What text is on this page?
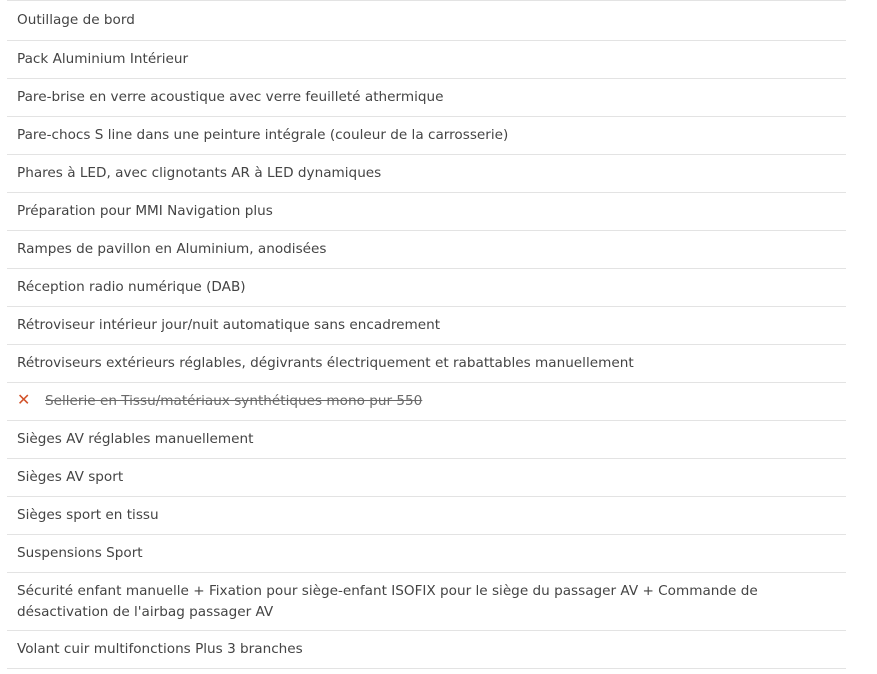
Outillage de bord
Pack Aluminium Intérieur
Pare-brise en verre acoustique avec verre feuilleté athermique
Pare-chocs S line dans une peinture intégrale (couleur de la carrosserie)
Phares à LED, avec clignotants AR à LED dynamiques
Préparation pour MMI Navigation plus
Rampes de pavillon en Aluminium, anodisées
Réception radio numérique (DAB)
Rétroviseur intérieur jour/nuit automatique sans encadrement
Rétroviseurs extérieurs réglables, dégivrants électriquement et rabattables manuellement
✕	Sellerie en Tissu/matériaux synthétiques mono pur 550
Sièges AV réglables manuellement
Sièges AV sport
Sièges sport en tissu
Suspensions Sport
Sécurité enfant manuelle + Fixation pour siège-enfant ISOFIX pour le siège du passager AV + Commande de désactivation de l'airbag passager AV
Volant cuir multifonctions Plus 3 branches
